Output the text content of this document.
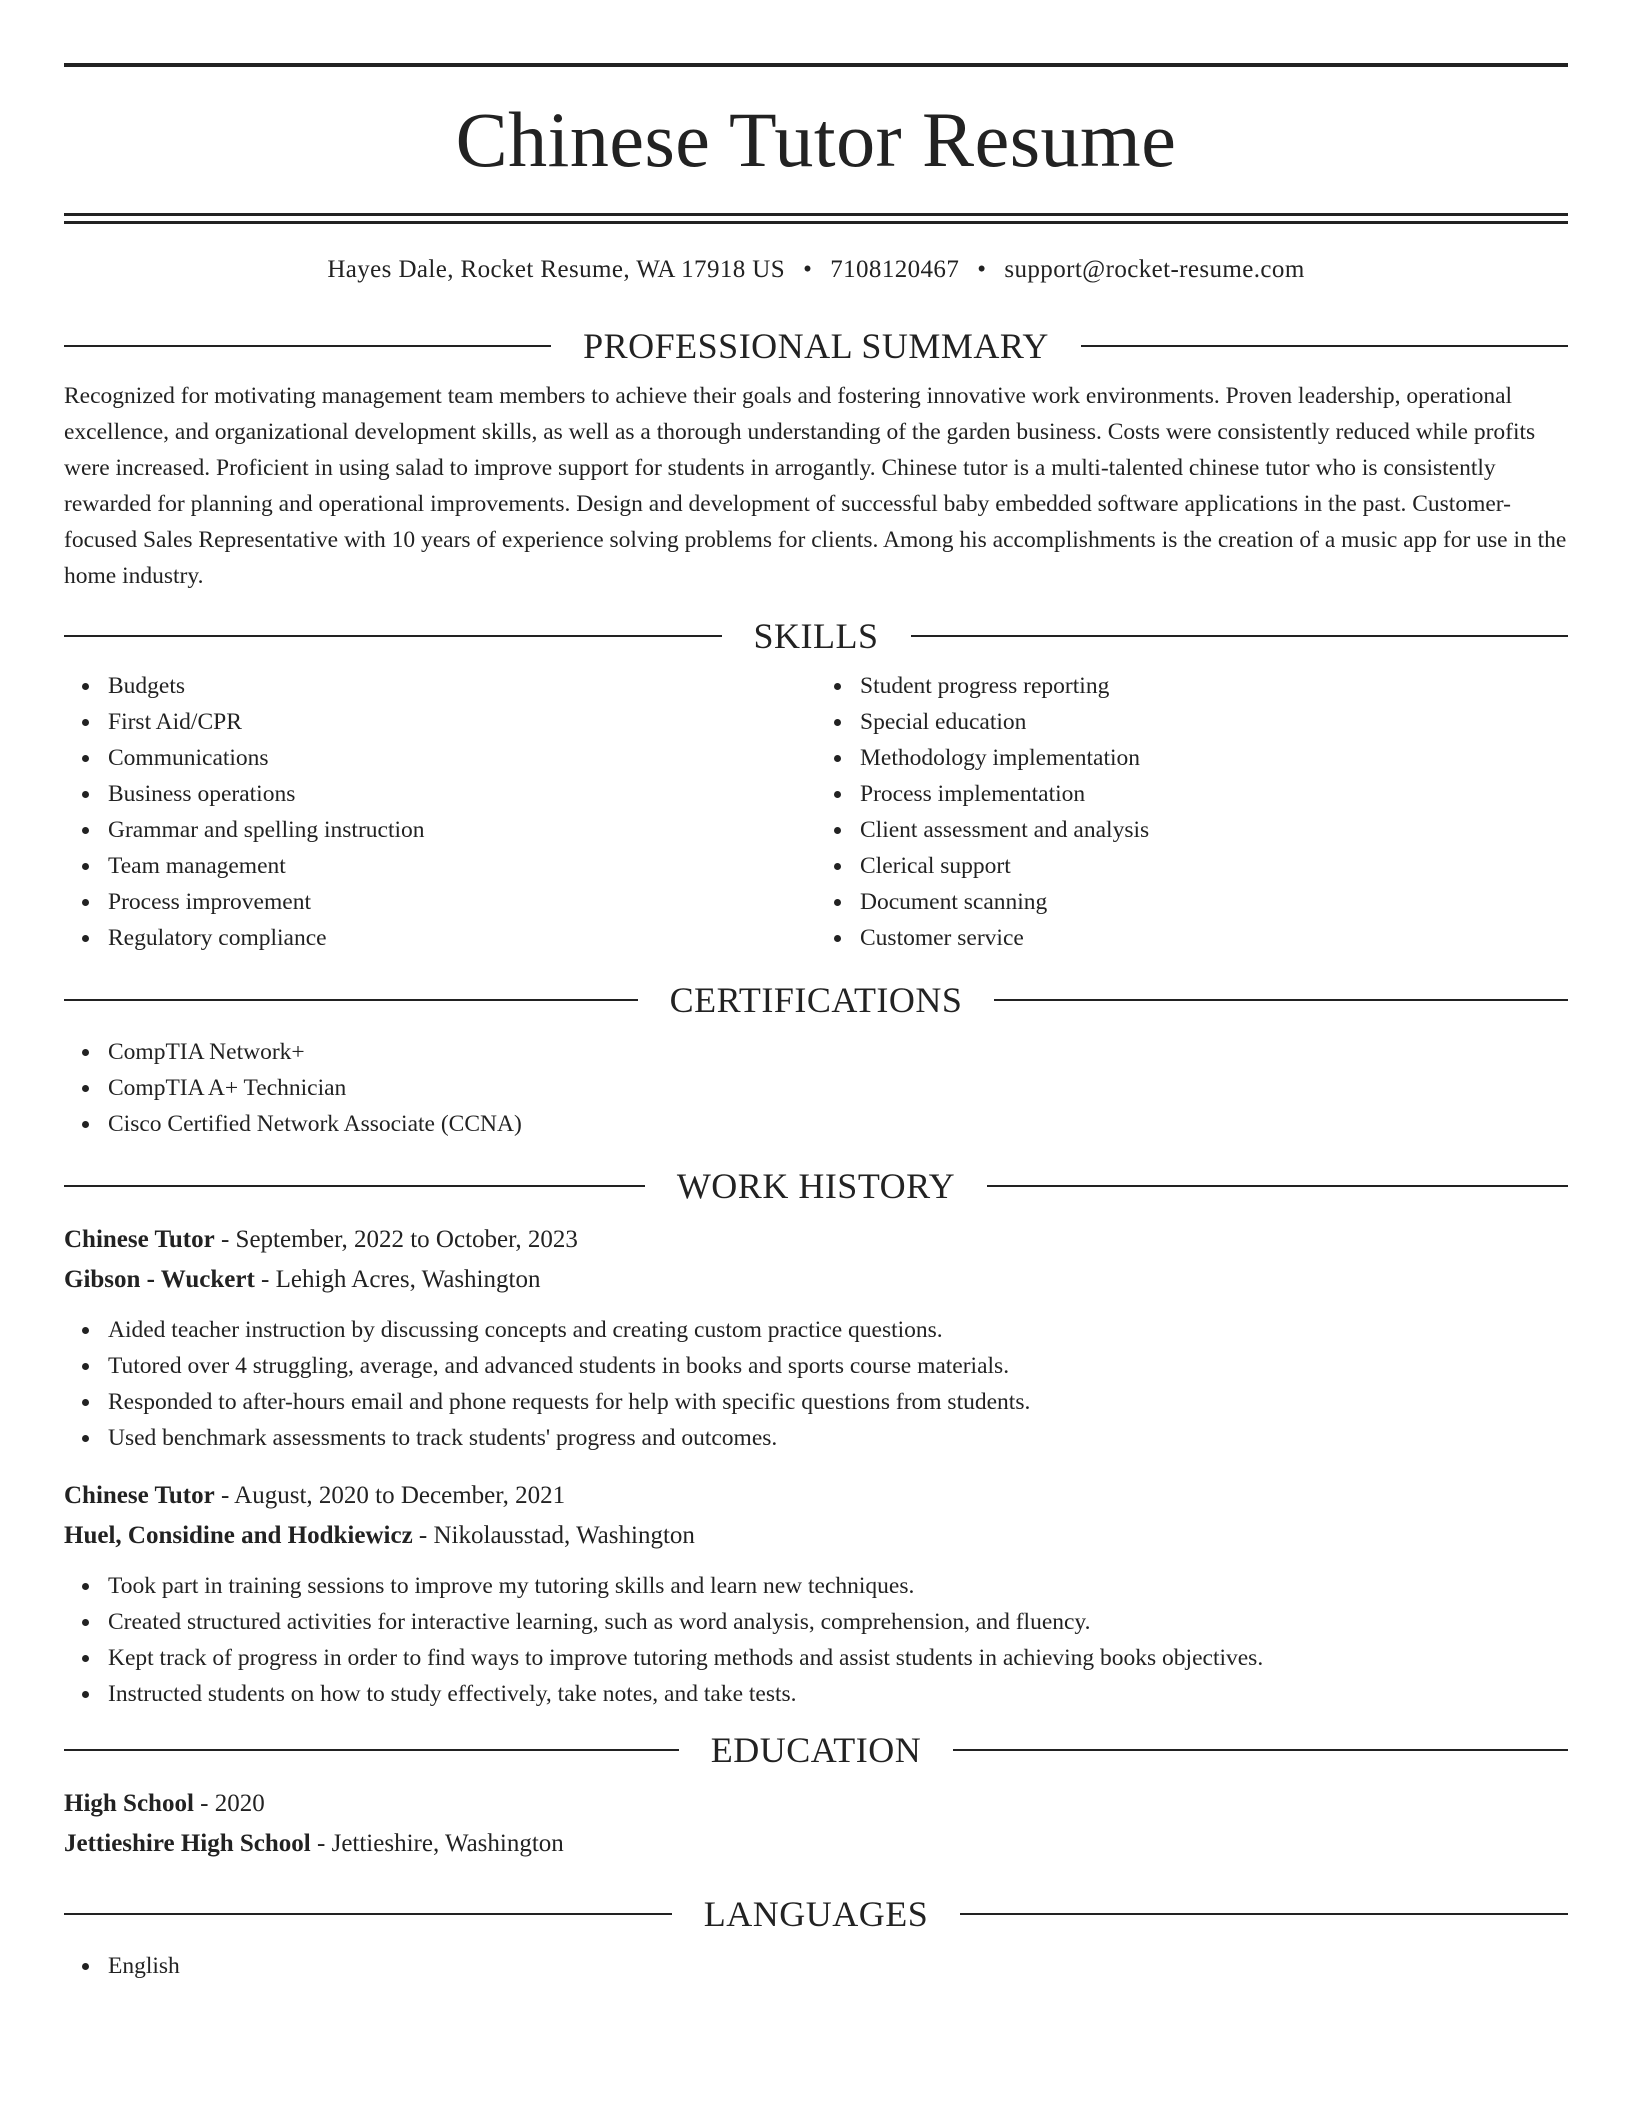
Chinese Tutor Resume
Hayes Dale, Rocket Resume, WA 17918 US • 7108120467 • support@rocket-resume.com
PROFESSIONAL SUMMARY

Recognized for motivating management team members to achieve their goals and fostering innovative work environments. Proven leadership, operational excellence, and organizational development skills, as well as a thorough understanding of the garden business. Costs were consistently reduced while profits were increased. Proficient in using salad to improve support for students in arrogantly. Chinese tutor is a multi-talented chinese tutor who is consistently rewarded for planning and operational improvements. Design and development of successful baby embedded software applications in the past. Customer-focused Sales Representative with 10 years of experience solving problems for clients. Among his accomplishments is the creation of a music app for use in the home industry.

SKILLS
Budgets
First Aid/CPR
Communications
Business operations
Grammar and spelling instruction
Team management
Process improvement
Regulatory compliance
Student progress reporting
Special education
Methodology implementation
Process implementation
Client assessment and analysis
Clerical support
Document scanning
Customer service
CERTIFICATIONS
CompTIA Network+
CompTIA A+ Technician
Cisco Certified Network Associate (CCNA)
WORK HISTORY
Chinese Tutor - September, 2022 to October, 2023
Gibson - Wuckert - Lehigh Acres, Washington
Aided teacher instruction by discussing concepts and creating custom practice questions.
Tutored over 4 struggling, average, and advanced students in books and sports course materials.
Responded to after-hours email and phone requests for help with specific questions from students.
Used benchmark assessments to track students' progress and outcomes.
Chinese Tutor - August, 2020 to December, 2021
Huel, Considine and Hodkiewicz - Nikolausstad, Washington
Took part in training sessions to improve my tutoring skills and learn new techniques.
Created structured activities for interactive learning, such as word analysis, comprehension, and fluency.
Kept track of progress in order to find ways to improve tutoring methods and assist students in achieving books objectives.
Instructed students on how to study effectively, take notes, and take tests.
EDUCATION
High School - 2020
Jettieshire High School - Jettieshire, Washington
LANGUAGES
English
